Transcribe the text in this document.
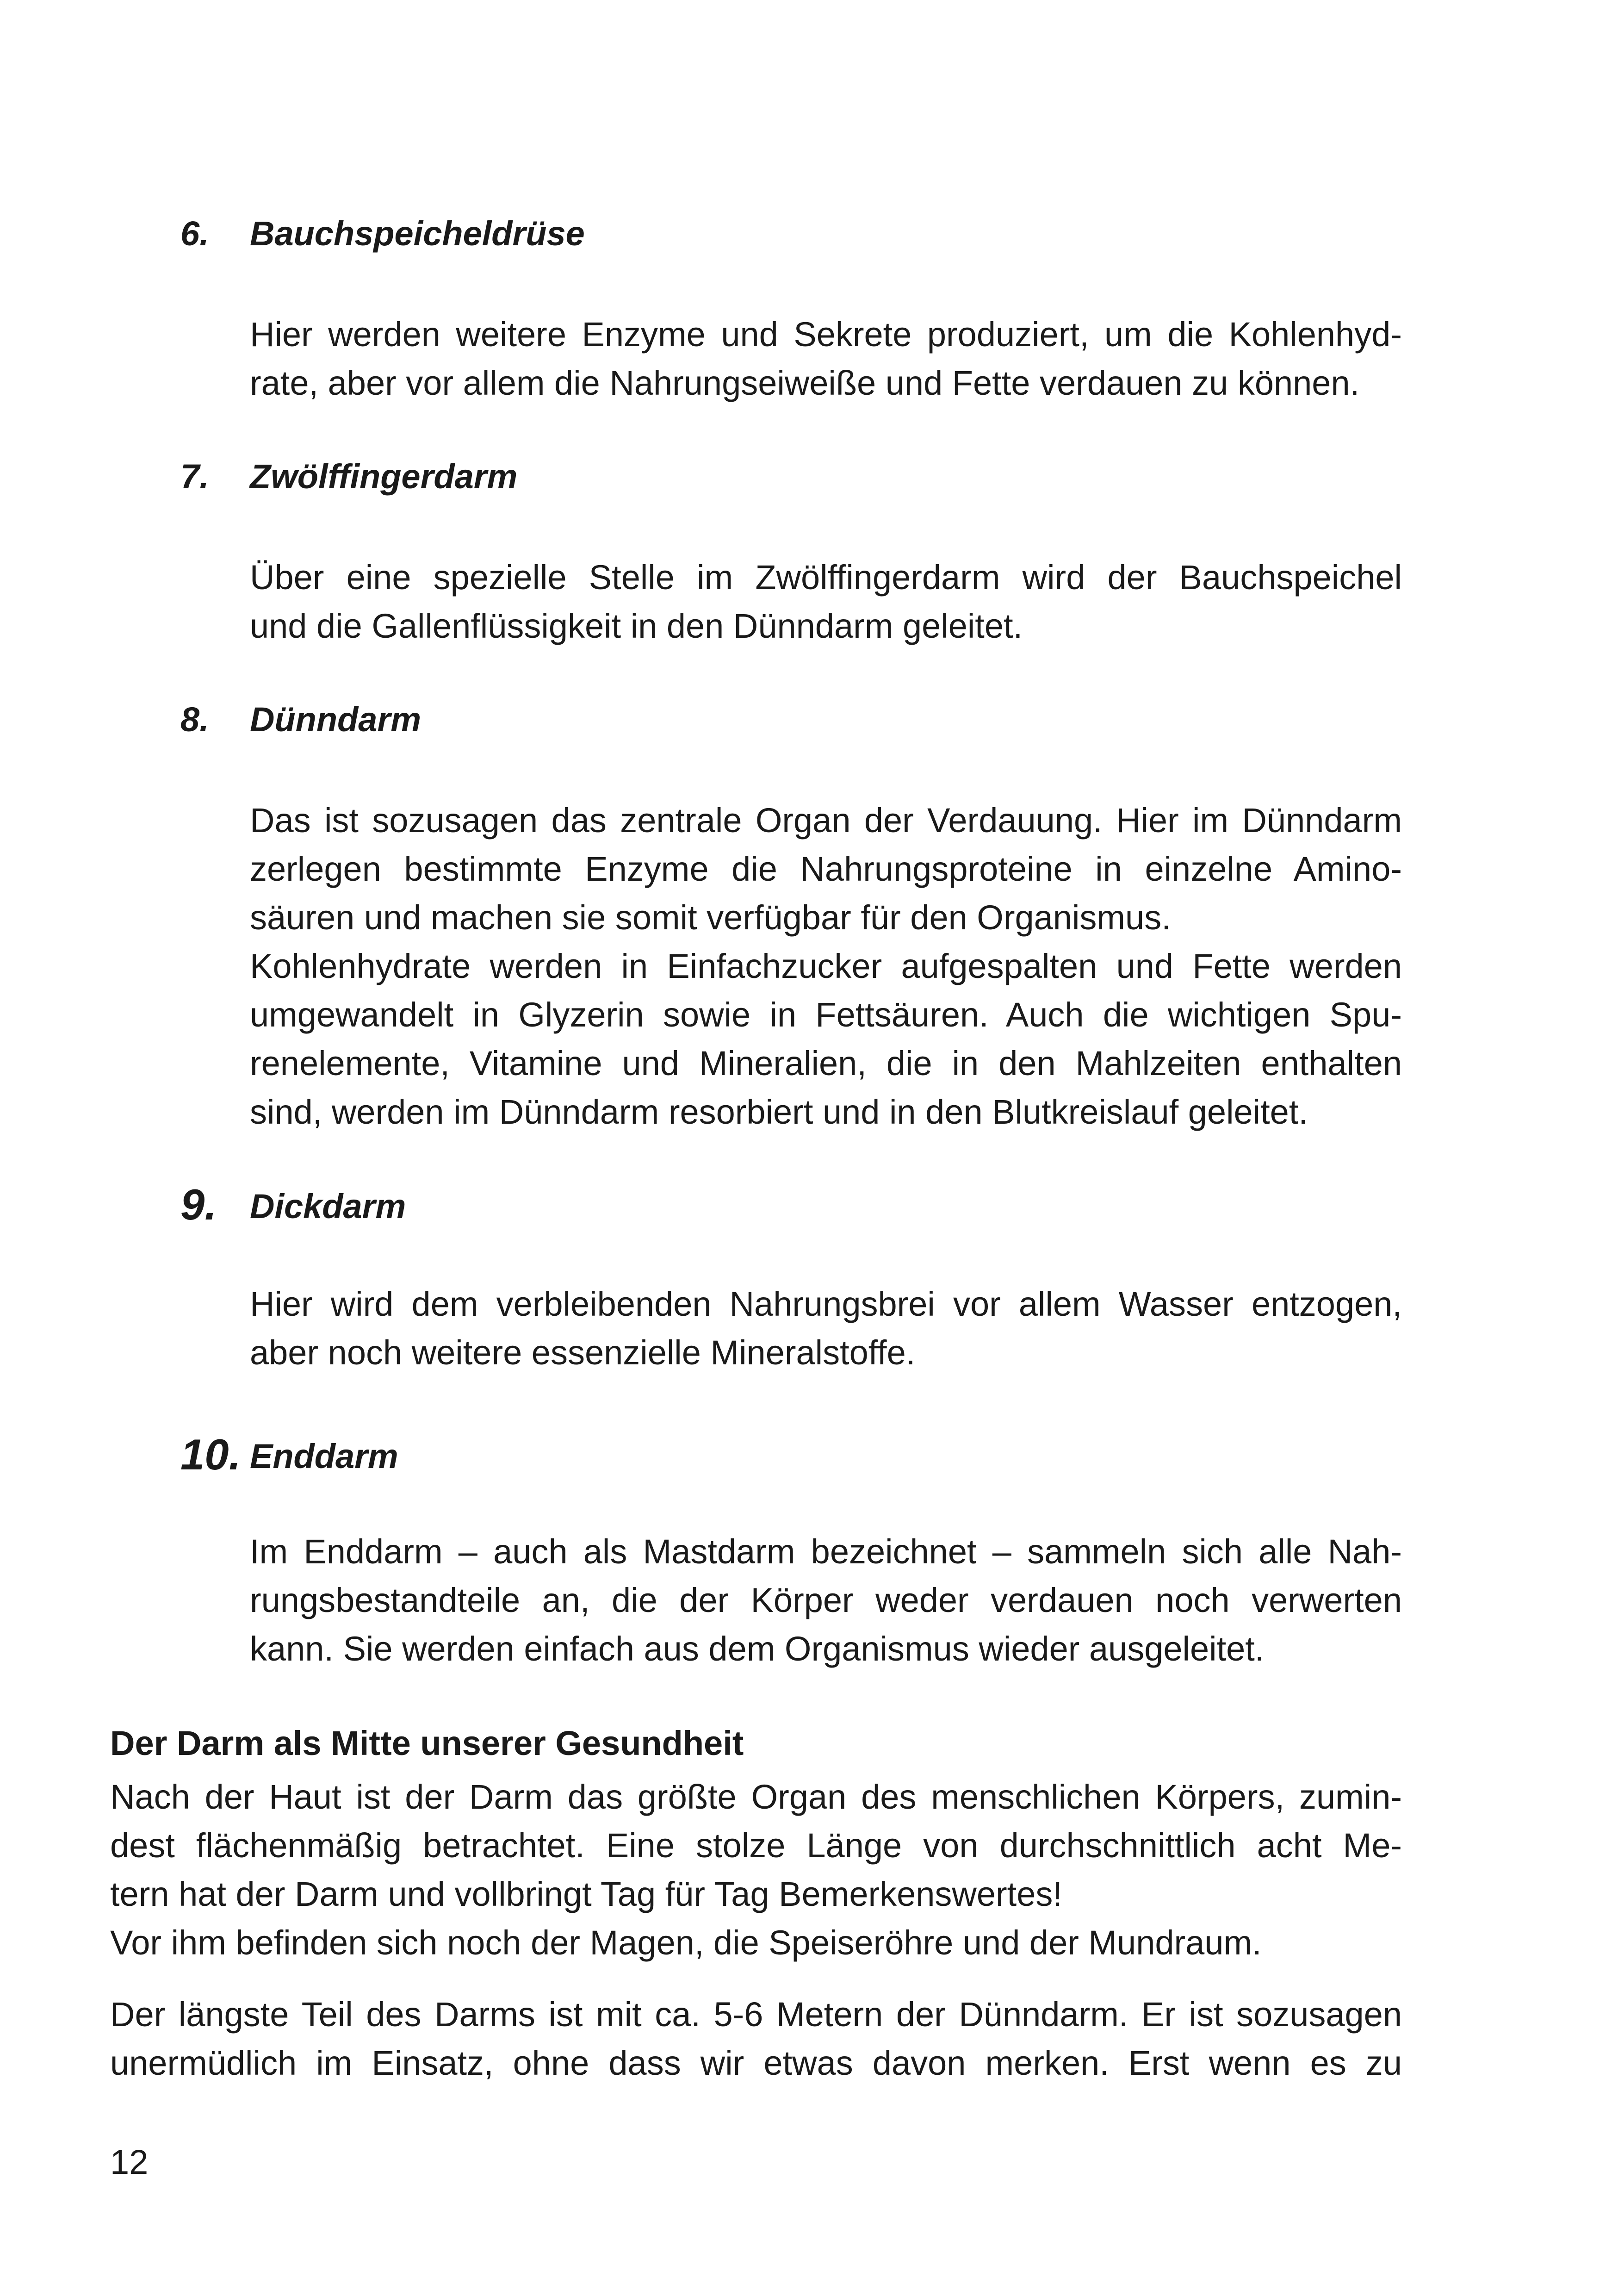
6. Bauchspeicheldrüse

Hier werden weitere Enzyme und Sekrete produziert, um die Kohlenhyd-
rate, aber vor allem die Nahrungseiweiße und Fette verdauen zu können.

7. Zwölffingerdarm

Über eine spezielle Stelle im Zwölffingerdarm wird der Bauchspeichel
und die Gallenflüssigkeit in den Dünndarm geleitet.

8. Dünndarm

Das ist sozusagen das zentrale Organ der Verdauung. Hier im Dünndarm
zerlegen bestimmte Enzyme die Nahrungsproteine in einzelne Amino-
säuren und machen sie somit verfügbar für den Organismus.
Kohlenhydrate werden in Einfachzucker aufgespalten und Fette werden
umgewandelt in Glyzerin sowie in Fettsäuren. Auch die wichtigen Spu-
renelemente, Vitamine und Mineralien, die in den Mahlzeiten enthalten
sind, werden im Dünndarm resorbiert und in den Blutkreislauf geleitet.

9. Dickdarm

Hier wird dem verbleibenden Nahrungsbrei vor allem Wasser entzogen,
aber noch weitere essenzielle Mineralstoffe.

10. Enddarm

Im Enddarm – auch als Mastdarm bezeichnet – sammeln sich alle Nah-
rungsbestandteile an, die der Körper weder verdauen noch verwerten
kann. Sie werden einfach aus dem Organismus wieder ausgeleitet.

Der Darm als Mitte unserer Gesundheit

Nach der Haut ist der Darm das größte Organ des menschlichen Körpers, zumin-
dest flächenmäßig betrachtet. Eine stolze Länge von durchschnittlich acht Me-
tern hat der Darm und vollbringt Tag für Tag Bemerkenswertes!
Vor ihm befinden sich noch der Magen, die Speiseröhre und der Mundraum.

Der längste Teil des Darms ist mit ca. 5-6 Metern der Dünndarm. Er ist sozusagen
unermüdlich im Einsatz, ohne dass wir etwas davon merken. Erst wenn es zu

12
